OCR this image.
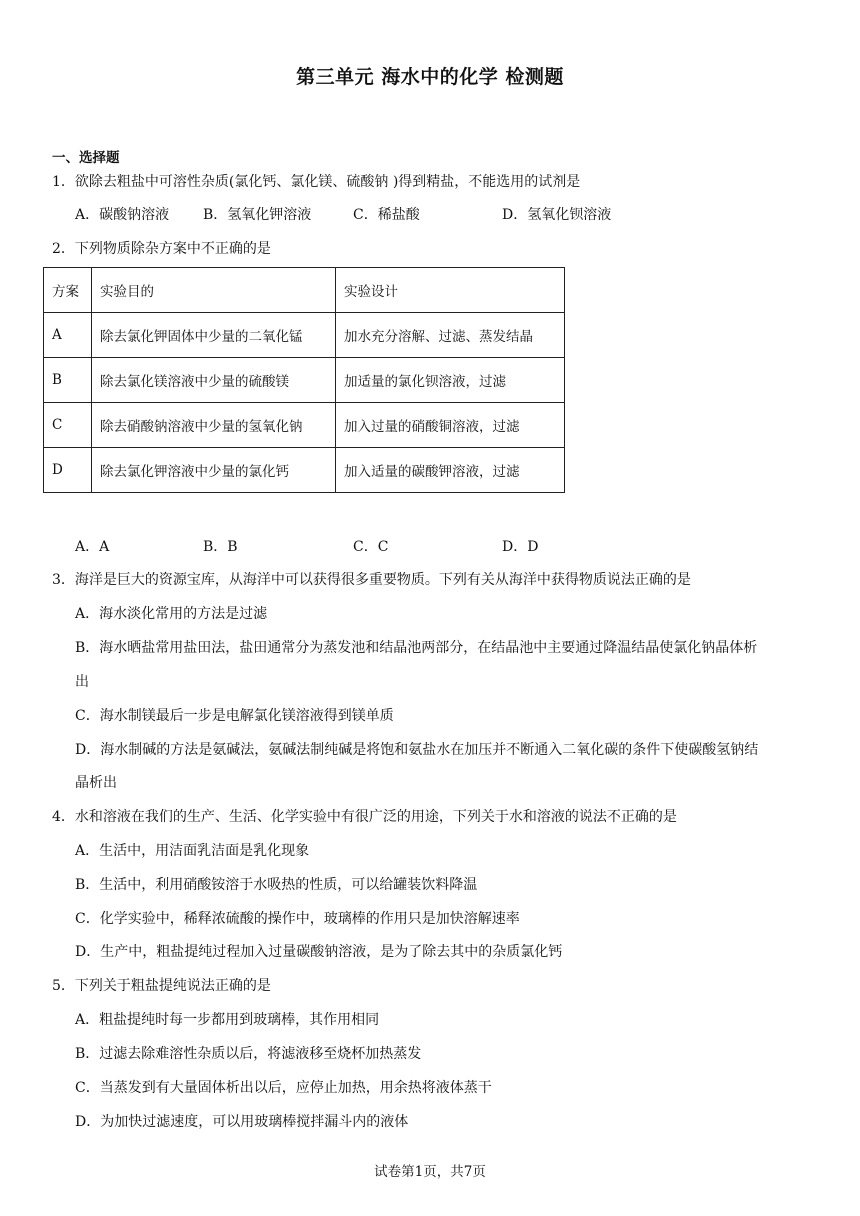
第三单元 海水中的化学 检测题
一、选择题
1．欲除去粗盐中可溶性杂质(氯化钙、氯化镁、硫酸钠 )得到精盐，不能选用的试剂是
A．碳酸钠溶液 B．氢氧化钾溶液	C．稀盐酸	D．氢氧化钡溶液
2．下列物质除杂方案中不正确的是
方案	实验目的	实验设计
A	除去氯化钾固体中少量的二氧化锰	加水充分溶解、过滤、蒸发结晶
B	除去氯化镁溶液中少量的硫酸镁	加适量的氯化钡溶液，过滤
C	除去硝酸钠溶液中少量的氢氧化钠	加入过量的硝酸铜溶液，过滤
D	除去氯化钾溶液中少量的氯化钙	加入适量的碳酸钾溶液，过滤
A．A	B．B	C．C	D．D
3．海洋是巨大的资源宝库，从海洋中可以获得很多重要物质。下列有关从海洋中获得物质说法正确的是
A．海水淡化常用的方法是过滤
B．海水晒盐常用盐田法，盐田通常分为蒸发池和结晶池两部分，在结晶池中主要通过降温结晶使氯化钠晶体析
出
C．海水制镁最后一步是电解氯化镁溶液得到镁单质
D．海水制碱的方法是氨碱法，氨碱法制纯碱是将饱和氨盐水在加压并不断通入二氧化碳的条件下使碳酸氢钠结
晶析出
4．水和溶液在我们的生产、生活、化学实验中有很广泛的用途，下列关于水和溶液的说法不正确的是
A．生活中，用洁面乳洁面是乳化现象
B．生活中，利用硝酸铵溶于水吸热的性质，可以给罐装饮料降温
C．化学实验中，稀释浓硫酸的操作中，玻璃棒的作用只是加快溶解速率
D．生产中，粗盐提纯过程加入过量碳酸钠溶液，是为了除去其中的杂质氯化钙
5．下列关于粗盐提纯说法正确的是
A．粗盐提纯时每一步都用到玻璃棒，其作用相同
B．过滤去除难溶性杂质以后，将滤液移至烧杯加热蒸发
C．当蒸发到有大量固体析出以后，应停止加热，用余热将液体蒸干
D．为加快过滤速度，可以用玻璃棒搅拌漏斗内的液体
试卷第1页，共7页
